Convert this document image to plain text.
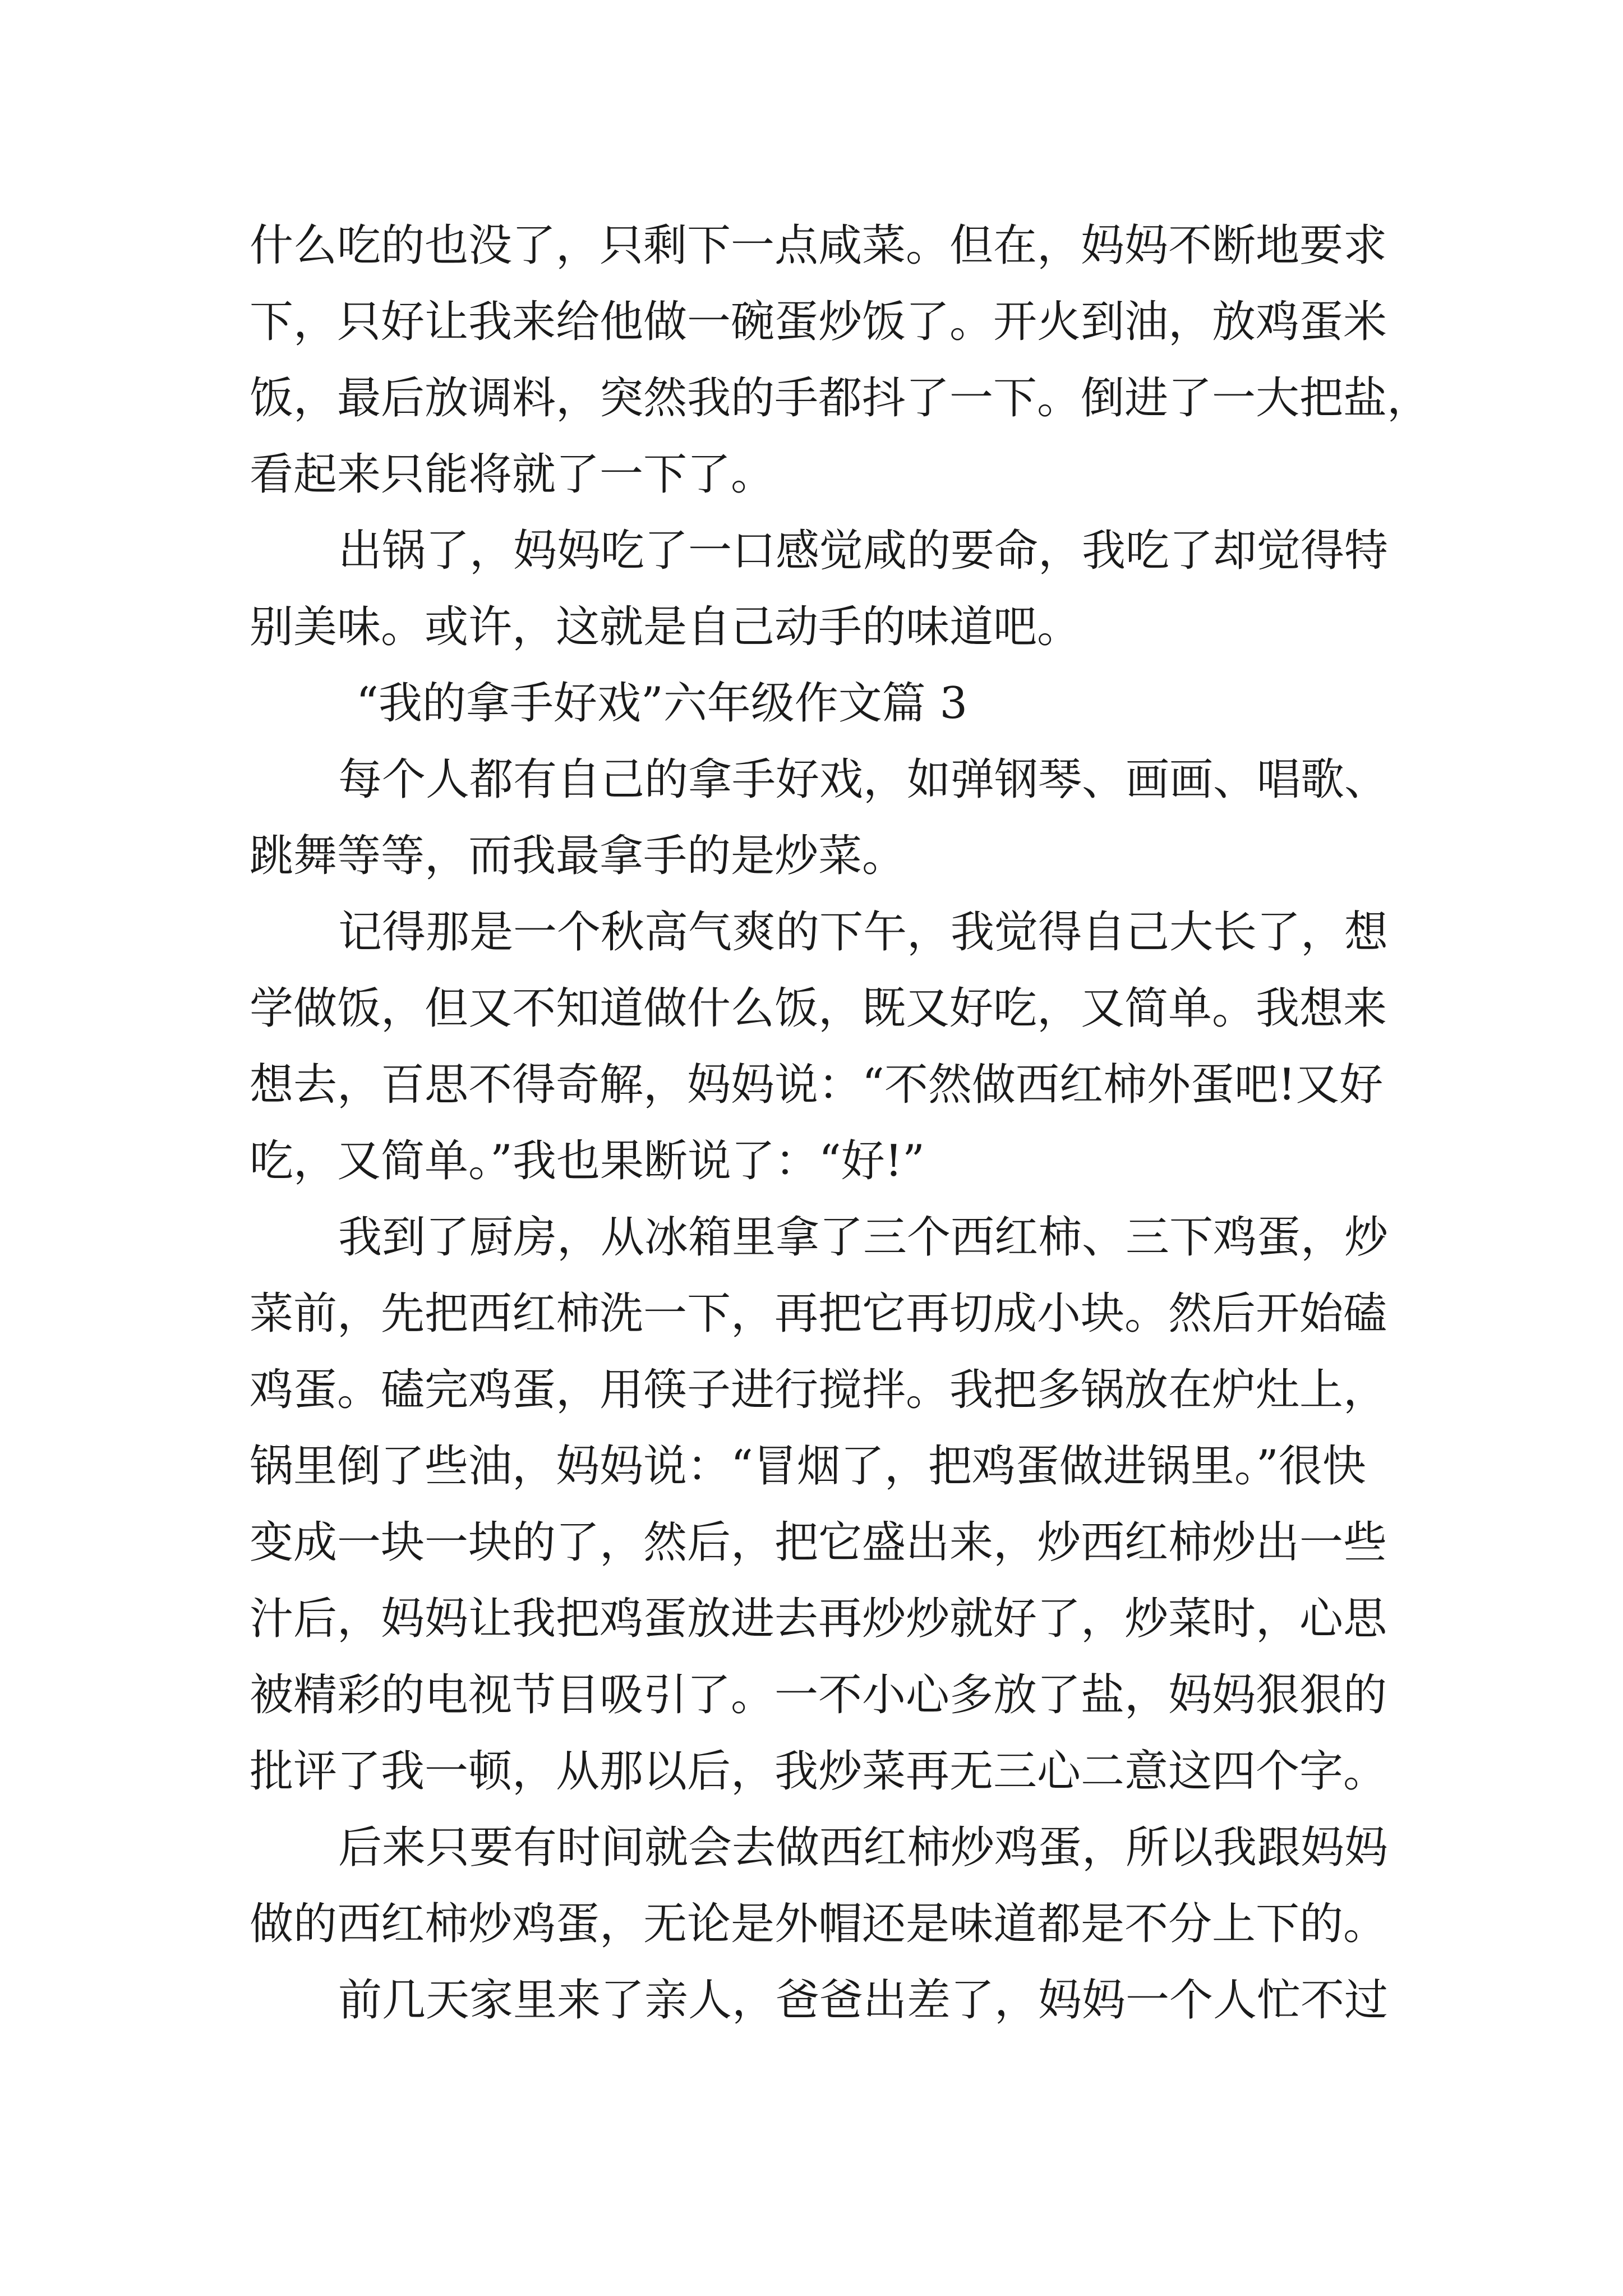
什么吃的也没了，只剩下一点咸菜。但在，妈妈不断地要求
下，只好让我来给他做一碗蛋炒饭了。开火到油，放鸡蛋米
饭，最后放调料，突然我的手都抖了一下。倒进了一大把盐，
看起来只能将就了一下了。
出锅了，妈妈吃了一口感觉咸的要命，我吃了却觉得特
别美味。或许，这就是自己动手的味道吧。
“我的拿手好戏”六年级作文篇 3
每个人都有自己的拿手好戏，如弹钢琴、画画、唱歌、
跳舞等等，而我最拿手的是炒菜。
记得那是一个秋高气爽的下午，我觉得自己大长了，想
学做饭，但又不知道做什么饭，既又好吃，又简单。我想来
想去，百思不得奇解，妈妈说：“不然做西红柿外蛋吧!又好
吃，又简单。”我也果断说了：“好!”
我到了厨房，从冰箱里拿了三个西红柿、三下鸡蛋，炒
菜前，先把西红柿洗一下，再把它再切成小块。然后开始磕
鸡蛋。磕完鸡蛋，用筷子进行搅拌。我把多锅放在炉灶上，
锅里倒了些油，妈妈说：“冒烟了，把鸡蛋做进锅里。”很快
变成一块一块的了，然后，把它盛出来，炒西红柿炒出一些
汁后，妈妈让我把鸡蛋放进去再炒炒就好了，炒菜时，心思
被精彩的电视节目吸引了。一不小心多放了盐，妈妈狠狠的
批评了我一顿，从那以后，我炒菜再无三心二意这四个字。
后来只要有时间就会去做西红柿炒鸡蛋，所以我跟妈妈
做的西红柿炒鸡蛋，无论是外帽还是味道都是不分上下的。
前几天家里来了亲人，爸爸出差了，妈妈一个人忙不过
